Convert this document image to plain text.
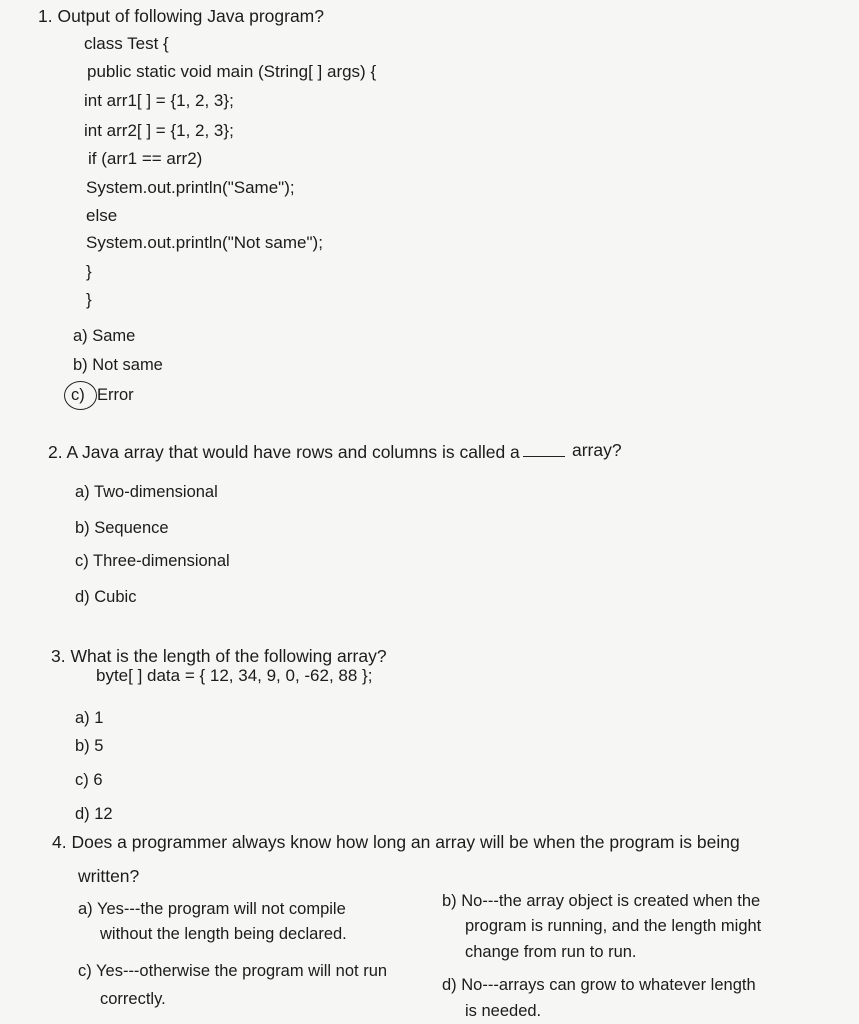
1. Output of following Java program?
class Test {
public static void main (String[ ] args) {
int arr1[ ] = {1, 2, 3};
int arr2[ ] = {1, 2, 3};
if (arr1 == arr2)
System.out.println("Same");
else
System.out.println("Not same");
}
}
a) Same
b) Not same
c) Error
2. A Java array that would have rows and columns is called a	array?
a) Two-dimensional
b) Sequence
c) Three-dimensional
d) Cubic
3. What is the length of the following array?
byte[ ] data = { 12, 34, 9, 0, -62, 88 };
a) 1
b) 5
c) 6
d) 12
4. Does a programmer always know how long an array will be when the program is being
written?
a) Yes---the program will not compile
without the length being declared.
b) No---the array object is created when the
program is running, and the length might
change from run to run.
c) Yes---otherwise the program will not run
correctly.
d) No---arrays can grow to whatever length
is needed.
